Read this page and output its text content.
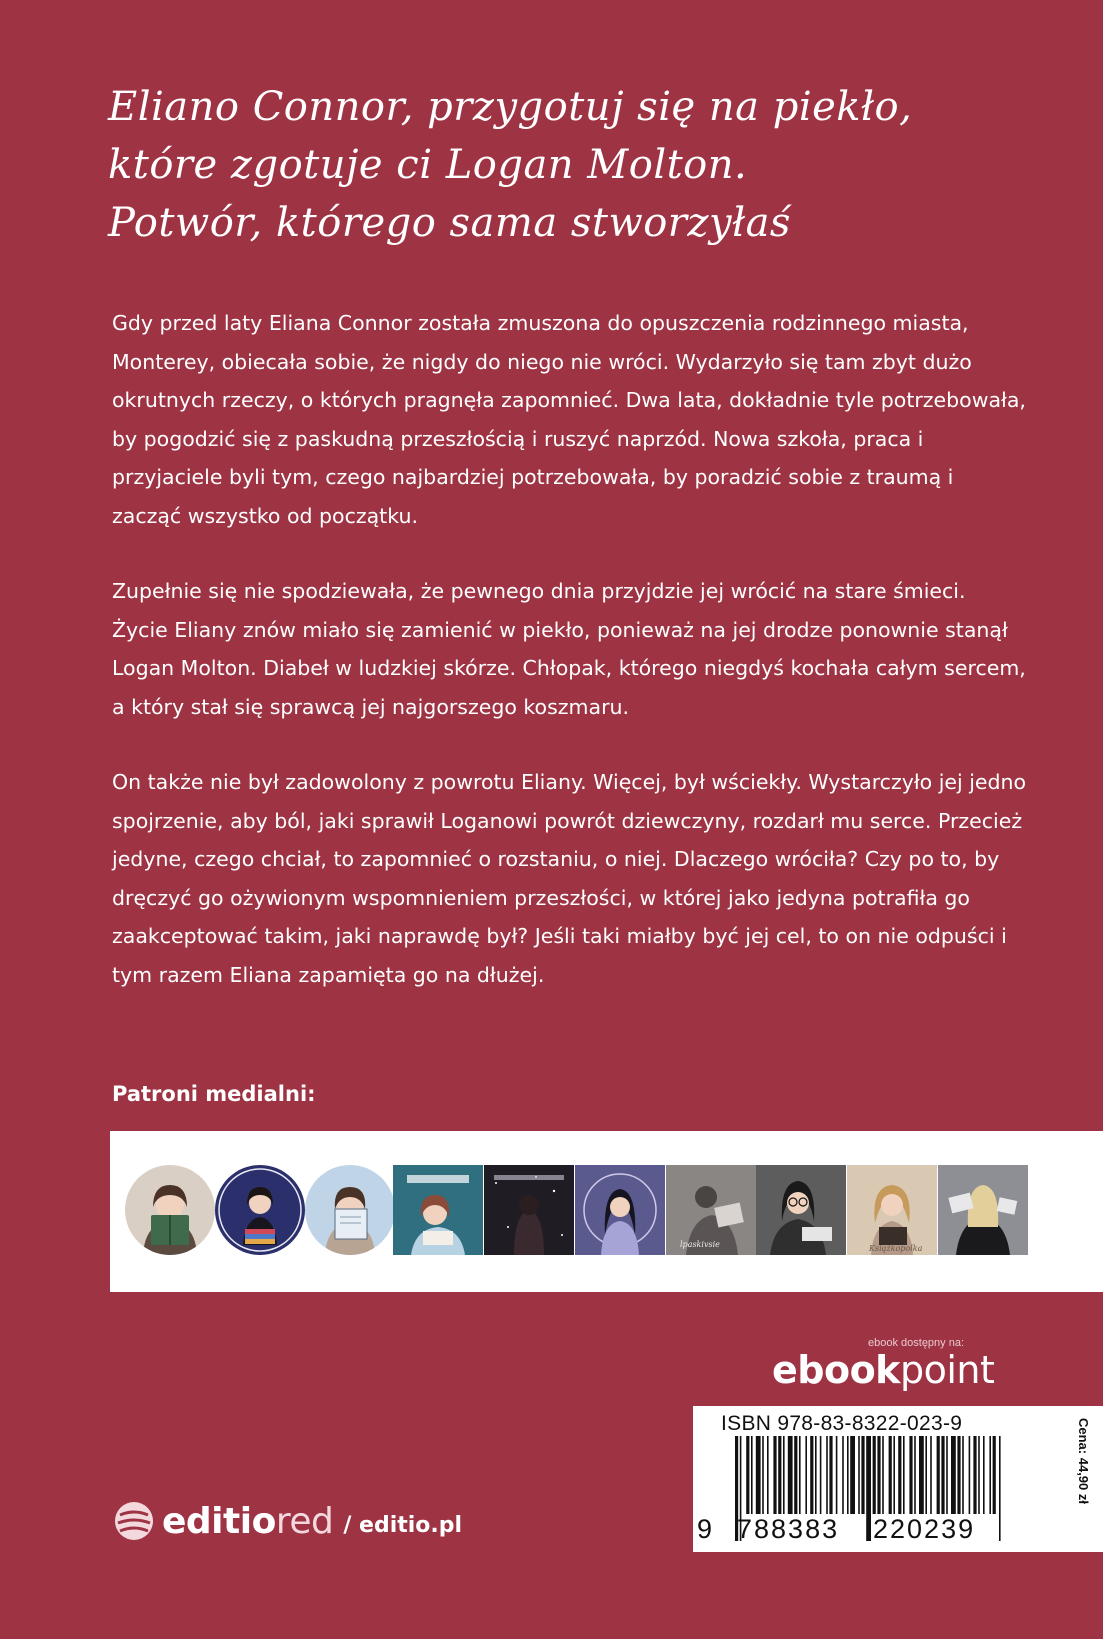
Eliano Connor, przygotuj się na piekło,
które zgotuje ci Logan Molton.
Potwór, którego sama stworzyłaś

Gdy przed laty Eliana Connor została zmuszona do opuszczenia rodzinnego miasta, Monterey, obiecała sobie, że nigdy do niego nie wróci. Wydarzyło się tam zbyt dużo okrutnych rzeczy, o których pragnęła zapomnieć. Dwa lata, dokładnie tyle potrzebowała, by pogodzić się z paskudną przeszłością i ruszyć naprzód. Nowa szkoła, praca i przyjaciele byli tym, czego najbardziej potrzebowała, by poradzić sobie z traumą i zacząć wszystko od początku.

Zupełnie się nie spodziewała, że pewnego dnia przyjdzie jej wrócić na stare śmieci. Życie Eliany znów miało się zamienić w piekło, ponieważ na jej drodze ponownie stanął Logan Molton. Diabeł w ludzkiej skórze. Chłopak, którego niegdyś kochała całym sercem, a który stał się sprawcą jej najgorszego koszmaru.

On także nie był zadowolony z powrotu Eliany. Więcej, był wściekły. Wystarczyło jej jedno spojrzenie, aby ból, jaki sprawił Loganowi powrót dziewczyny, rozdarł mu serce. Przecież jedyne, czego chciał, to zapomnieć o rozstaniu, o niej. Dlaczego wróciła? Czy po to, by dręczyć go ożywionym wspomnieniem przeszłości, w której jako jedyna potrafiła go zaakceptować takim, jaki naprawdę był? Jeśli taki miałby być jej cel, to on nie odpuści i tym razem Eliana zapamięta go na dłużej.

Patroni medialni:
lpaskivsie	Książkopolka
ebook dostępny na:
ebookpoint
ISBN 978-83-8322-023-9
9 788383 220239
Cena: 44,90 zł
editiored / editio.pl
